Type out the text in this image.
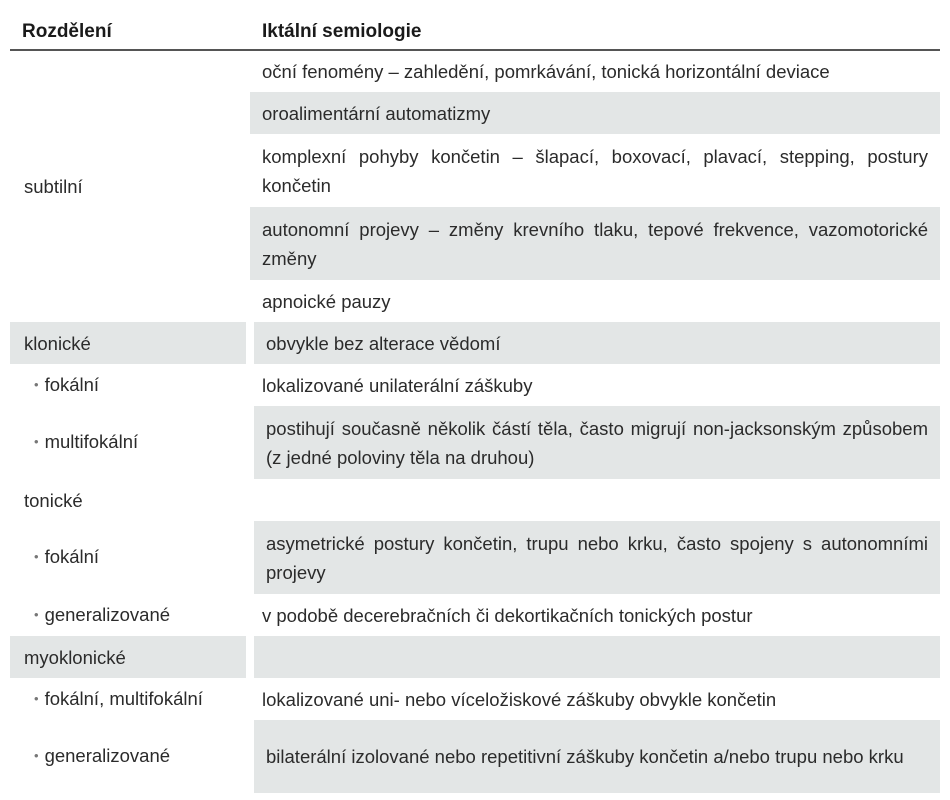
Rozdělení	Iktální semiologie
subtilní	oční fenomény – zahledění, pomrkávání, tonická horizontální deviace
	oroalimentární automatizmy
	komplexní pohyby končetin – šlapací, boxovací, plavací, stepping, postury končetin
	autonomní projevy – změny krevního tlaku, tepové frekvence, vazomotorické změny
	apnoické pauzy
klonické	obvykle bez alterace vědomí
• fokální	lokalizované unilaterální záškuby
• multifokální	postihují současně několik částí těla, často migrují non-jacksonským způsobem (z jedné poloviny těla na druhou)
tonické	
• fokální	asymetrické postury končetin, trupu nebo krku, často spojeny s autonomními projevy
• generalizované	v podobě decerebračních či dekortikačních tonických postur
myoklonické	
• fokální, multifokální	lokalizované uni- nebo víceložiskové záškuby obvykle končetin
• generalizované	bilaterální izolované nebo repetitivní záškuby končetin a/nebo trupu nebo krku
